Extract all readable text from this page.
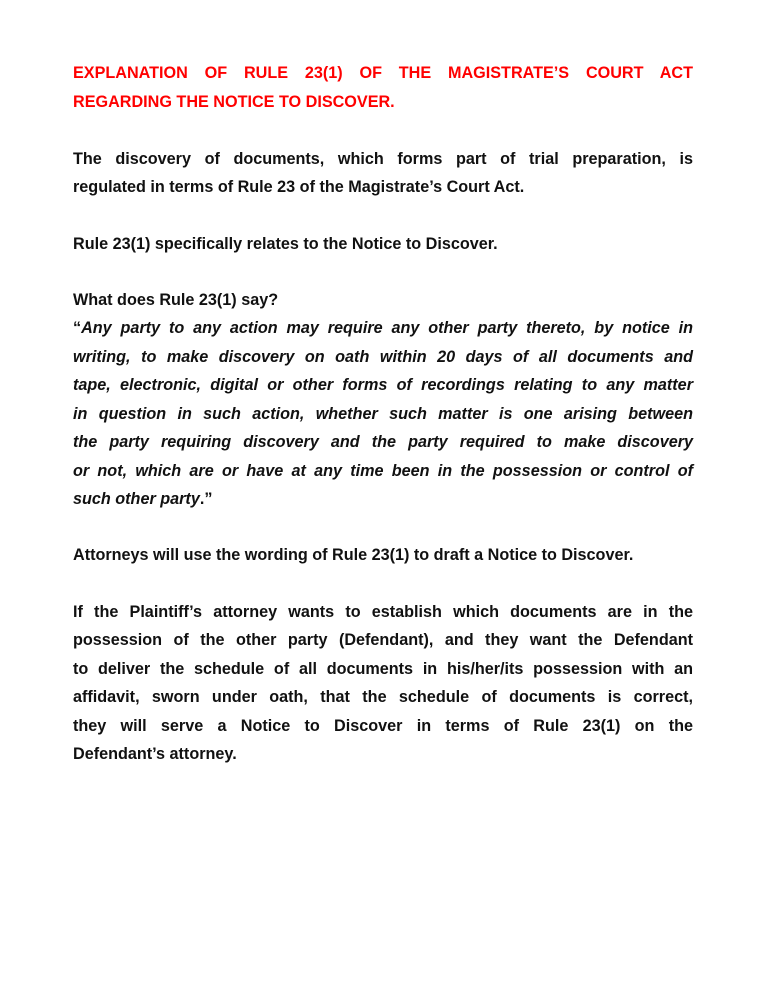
EXPLANATION OF RULE 23(1) OF THE MAGISTRATE’S COURT ACT
REGARDING THE NOTICE TO DISCOVER.
The discovery of documents, which forms part of trial preparation, is
regulated in terms of Rule 23 of the Magistrate’s Court Act.
Rule 23(1) specifically relates to the Notice to Discover.
What does Rule 23(1) say?
“Any party to any action may require any other party thereto, by notice in
writing, to make discovery on oath within 20 days of all documents and
tape, electronic, digital or other forms of recordings relating to any matter
in question in such action, whether such matter is one arising between
the party requiring discovery and the party required to make discovery
or not, which are or have at any time been in the possession or control of
such other party.”
Attorneys will use the wording of Rule 23(1) to draft a Notice to Discover.
If the Plaintiff’s attorney wants to establish which documents are in the
possession of the other party (Defendant), and they want the Defendant
to deliver the schedule of all documents in his/her/its possession with an
affidavit, sworn under oath, that the schedule of documents is correct,
they will serve a Notice to Discover in terms of Rule 23(1) on the
Defendant’s attorney.
